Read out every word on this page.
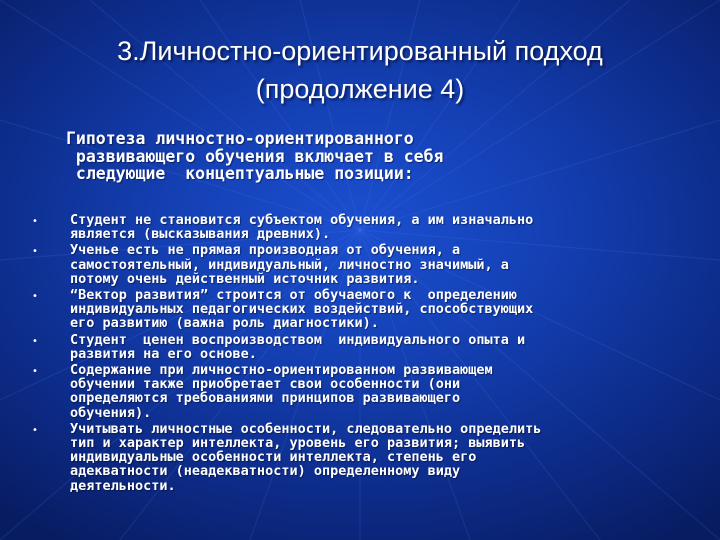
3.Личностно-ориентированный подход
(продолжение 4)
Гипотеза личностно-ориентированного
развивающего обучения включает в себя
следующие  концептуальные позиции:
• Студент не становится субъектом обучения, а им изначально
является (высказывания древних).
• Ученье есть не прямая производная от обучения, а
самостоятельный, индивидуальный, личностно значимый, а
потому очень действенный источник развития.
• “Вектор развития” строится от обучаемого к  определению
индивидуальных педагогических воздействий, способствующих
его развитию (важна роль диагностики).
• Студент  ценен воспроизводством  индивидуального опыта и
развития на его основе.
• Содержание при личностно-ориентированном развивающем
обучении также приобретает свои особенности (они
определяются требованиями принципов развивающего
обучения).
• Учитывать личностные особенности, следовательно определить
тип и характер интеллекта, уровень его развития; выявить
индивидуальные особенности интеллекта, степень его
адекватности (неадекватности) определенному виду
деятельности.
